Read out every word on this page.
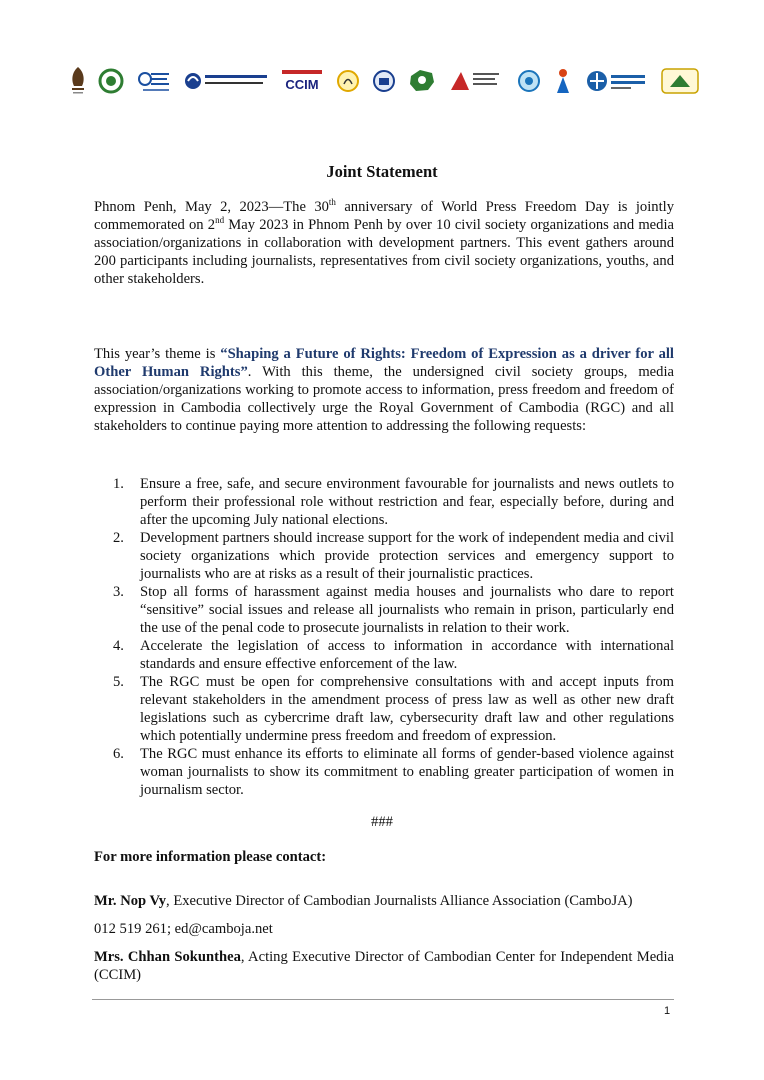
CCIM
Joint Statement
Phnom Penh, May 2, 2023—The 30th anniversary of World Press Freedom Day is jointly commemorated on 2nd May 2023 in Phnom Penh by over 10 civil society organizations and media association/organizations in collaboration with development partners. This event gathers around 200 participants including journalists, representatives from civil society organizations, youths, and other stakeholders.
This year’s theme is “Shaping a Future of Rights: Freedom of Expression as a driver for all Other Human Rights”. With this theme, the undersigned civil society groups, media association/organizations working to promote access to information, press freedom and freedom of expression in Cambodia collectively urge the Royal Government of Cambodia (RGC) and all stakeholders to continue paying more attention to addressing the following requests:
1.	Ensure a free, safe, and secure environment favourable for journalists and news outlets to perform their professional role without restriction and fear, especially before, during and after the upcoming July national elections.
2.	Development partners should increase support for the work of independent media and civil society organizations which provide protection services and emergency support to journalists who are at risks as a result of their journalistic practices.
3.	Stop all forms of harassment against media houses and journalists who dare to report “sensitive” social issues and release all journalists who remain in prison, particularly end the use of the penal code to prosecute journalists in relation to their work.
4.	Accelerate the legislation of access to information in accordance with international standards and ensure effective enforcement of the law.
5.	The RGC must be open for comprehensive consultations with and accept inputs from relevant stakeholders in the amendment process of press law as well as other new draft legislations such as cybercrime draft law, cybersecurity draft law and other regulations which potentially undermine press freedom and freedom of expression.
6.	The RGC must enhance its efforts to eliminate all forms of gender-based violence against woman journalists to show its commitment to enabling greater participation of women in journalism sector.
###
For more information please contact:
Mr. Nop Vy, Executive Director of Cambodian Journalists Alliance Association (CamboJA)
012 519 261; ed@camboja.net
Mrs. Chhan Sokunthea, Acting Executive Director of Cambodian Center for Independent Media (CCIM)
1
